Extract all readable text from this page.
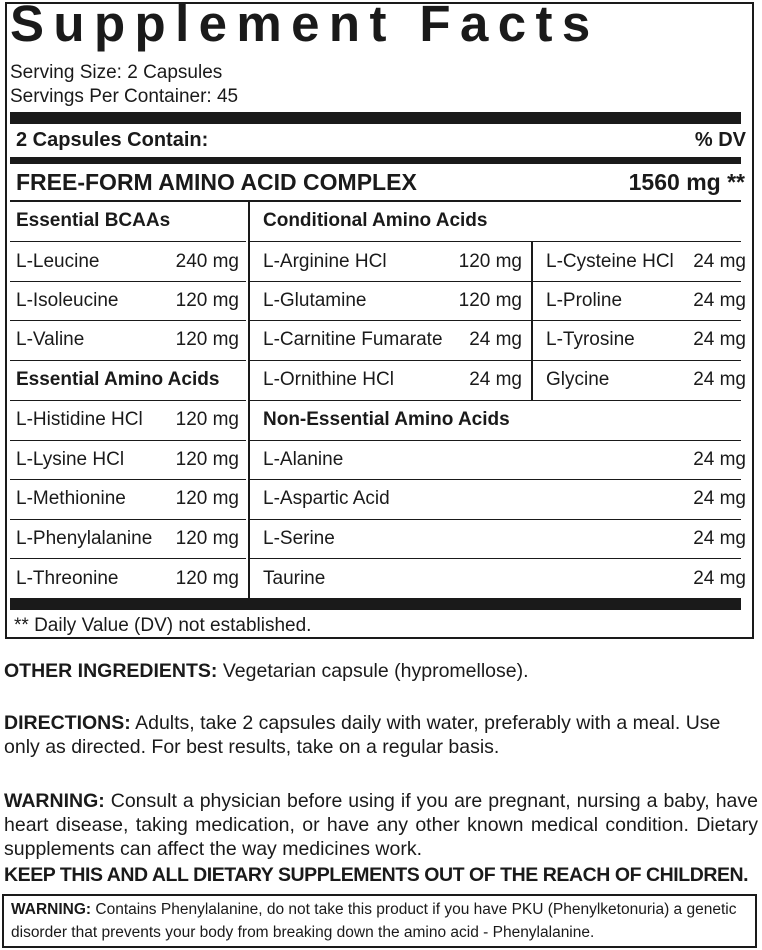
Supplement Facts
Serving Size: 2 Capsules
Servings Per Container: 45
2 Capsules Contain:	% DV
FREE-FORM AMINO ACID COMPLEX	1560 mg **
Essential BCAAs
L-Leucine	240 mg
L-Isoleucine	120 mg
L-Valine	120 mg
Essential Amino Acids
L-Histidine HCl 120 mg
L-Lysine HCl	120 mg
L-Methionine	120 mg
L-Phenylalanine 120 mg
L-Threonine	120 mg
Conditional Amino Acids
L-Arginine HCl	120 mg L-Cysteine HCl 24 mg
L-Glutamine	120 mg L-Proline	24 mg
L-Carnitine Fumarate 24 mg L-Tyrosine	24 mg
L-Ornithine HCl	24 mg Glycine	24 mg
Non-Essential Amino Acids
L-Alanine	24 mg
L-Aspartic Acid	24 mg
L-Serine	24 mg
Taurine	24 mg
** Daily Value (DV) not established.
OTHER INGREDIENTS: Vegetarian capsule (hypromellose).
DIRECTIONS: Adults, take 2 capsules daily with water, preferably with a meal. Use only as directed. For best results, take on a regular basis.
WARNING: Consult a physician before using if you are pregnant, nursing a baby, have heart disease, taking medication, or have any other known medical condition. Dietary supplements can affect the way medicines work.
KEEP THIS AND ALL DIETARY SUPPLEMENTS OUT OF THE REACH OF CHILDREN.
WARNING: Contains Phenylalanine, do not take this product if you have PKU (Phenylketonuria) a genetic disorder that prevents your body from breaking down the amino acid - Phenylalanine.
